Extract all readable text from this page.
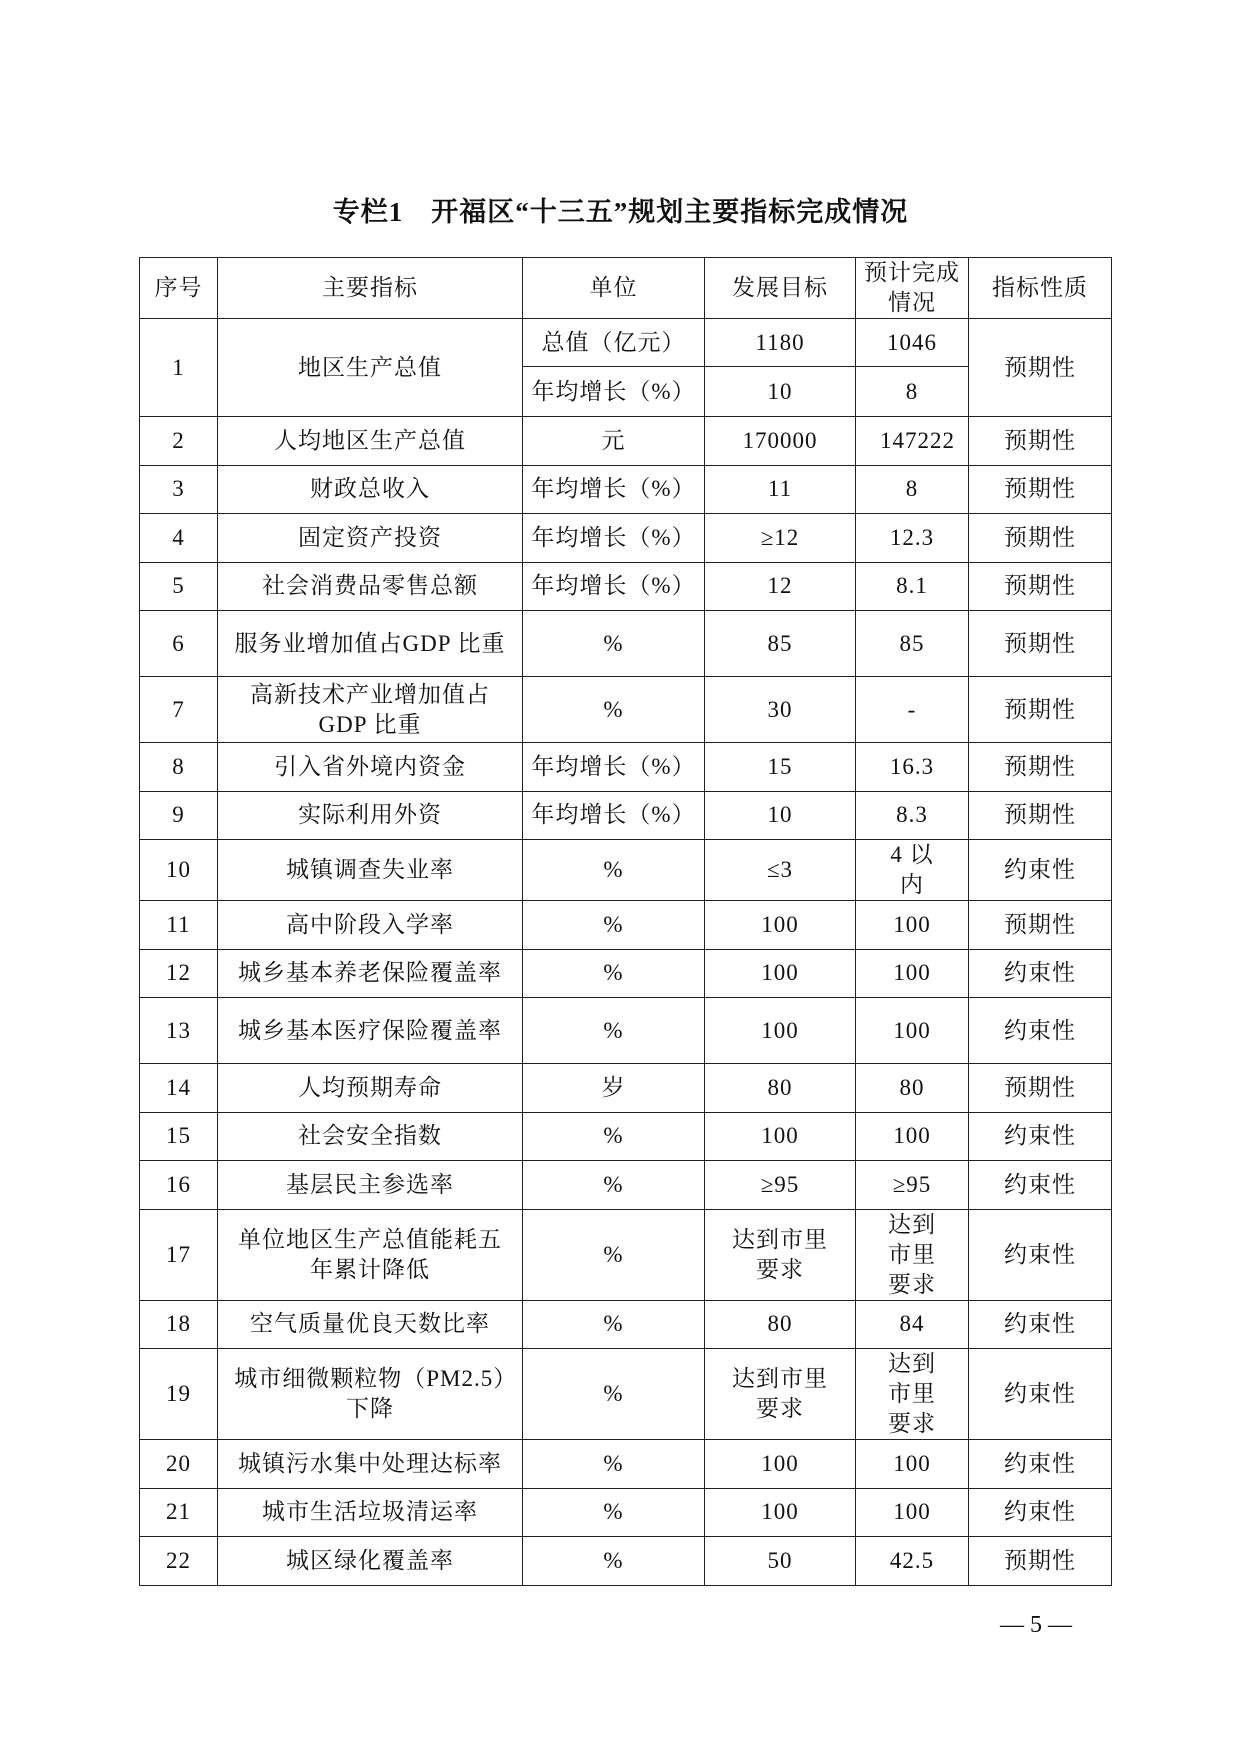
专栏1　开福区“十三五”规划主要指标完成情况
序号	主要指标	单位	发展目标	预计完成情况	指标性质
1	地区生产总值	总值（亿元）	1180	1046	预期性
		年均增长（%）	10	8	
2	人均地区生产总值	元	170000	147222	预期性
3	财政总收入	年均增长（%）	11	8	预期性
4	固定资产投资	年均增长（%）	≥12	12.3	预期性
5	社会消费品零售总额	年均增长（%）	12	8.1	预期性
6	服务业增加值占GDP 比重	%	85	85	预期性
7	高新技术产业增加值占GDP 比重	%	30	-	预期性
8	引入省外境内资金	年均增长（%）	15	16.3	预期性
9	实际利用外资	年均增长（%）	10	8.3	预期性
10	城镇调查失业率	%	≤3	4 以内	约束性
11	高中阶段入学率	%	100	100	预期性
12	城乡基本养老保险覆盖率	%	100	100	约束性
13	城乡基本医疗保险覆盖率	%	100	100	约束性
14	人均预期寿命	岁	80	80	预期性
15	社会安全指数	%	100	100	约束性
16	基层民主参选率	%	≥95	≥95	约束性
17	单位地区生产总值能耗五年累计降低	%	达到市里要求	达到市里要求	约束性
18	空气质量优良天数比率	%	80	84	约束性
19	城市细微颗粒物（PM2.5）下降	%	达到市里要求	达到市里要求	约束性
20	城镇污水集中处理达标率	%	100	100	约束性
21	城市生活垃圾清运率	%	100	100	约束性
22	城区绿化覆盖率	%	50	42.5	预期性
— 5 —
